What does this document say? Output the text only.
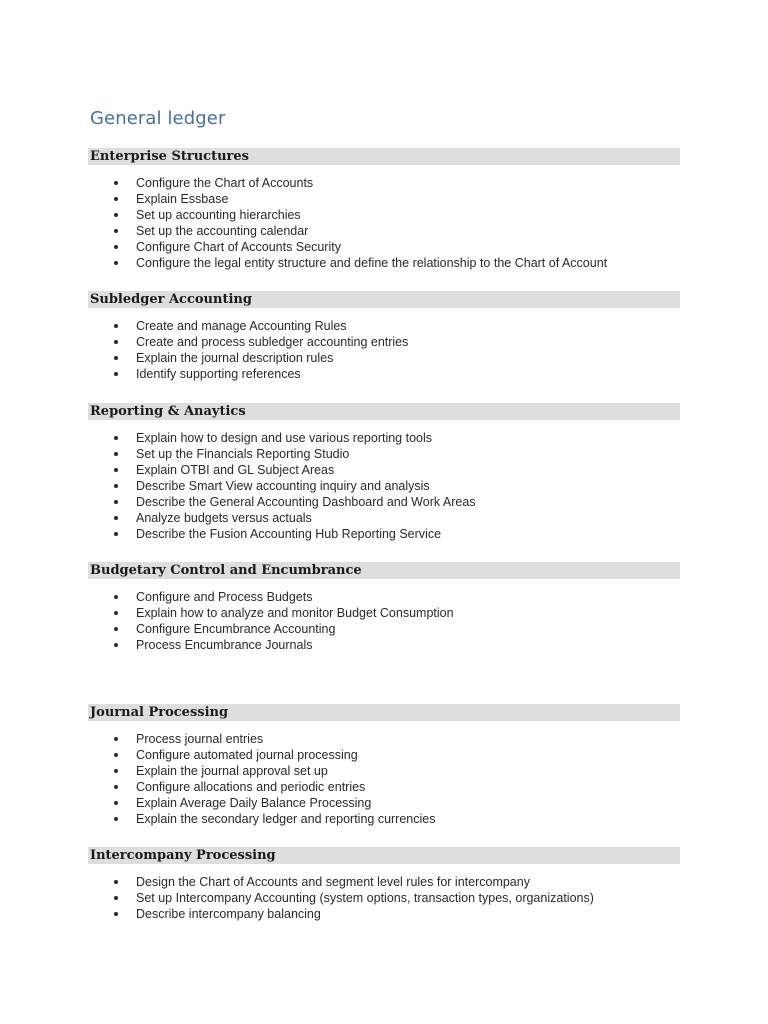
General ledger
Enterprise Structures
Configure the Chart of Accounts
Explain Essbase
Set up accounting hierarchies
Set up the accounting calendar
Configure Chart of Accounts Security
Configure the legal entity structure and define the relationship to the Chart of Account
Subledger Accounting
Create and manage Accounting Rules
Create and process subledger accounting entries
Explain the journal description rules
Identify supporting references
Reporting & Anaytics
Explain how to design and use various reporting tools
Set up the Financials Reporting Studio
Explain OTBI and GL Subject Areas
Describe Smart View accounting inquiry and analysis
Describe the General Accounting Dashboard and Work Areas
Analyze budgets versus actuals
Describe the Fusion Accounting Hub Reporting Service
Budgetary Control and Encumbrance
Configure and Process Budgets
Explain how to analyze and monitor Budget Consumption
Configure Encumbrance Accounting
Process Encumbrance Journals
Journal Processing
Process journal entries
Configure automated journal processing
Explain the journal approval set up
Configure allocations and periodic entries
Explain Average Daily Balance Processing
Explain the secondary ledger and reporting currencies
Intercompany Processing
Design the Chart of Accounts and segment level rules for intercompany
Set up Intercompany Accounting (system options, transaction types, organizations)
Describe intercompany balancing
